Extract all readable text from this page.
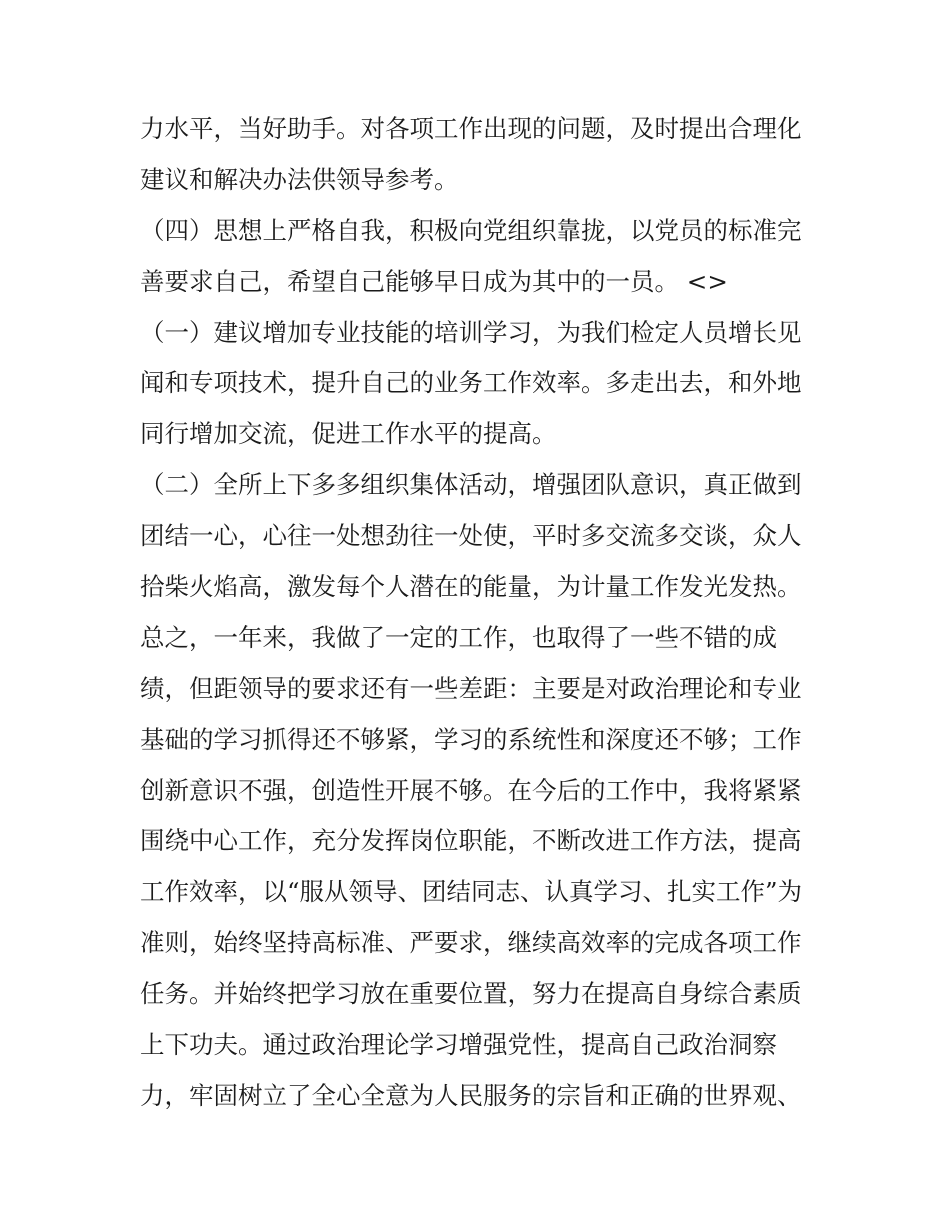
力水平，当好助手。对各项工作出现的问题，及时提出合理化
建议和解决办法供领导参考。
（四）思想上严格自我，积极向党组织靠拢，以党员的标准完
善要求自己，希望自己能够早日成为其中的一员。 <>
（一）建议增加专业技能的培训学习，为我们检定人员增长见
闻和专项技术，提升自己的业务工作效率。多走出去，和外地
同行增加交流，促进工作水平的提高。
（二）全所上下多多组织集体活动，增强团队意识，真正做到
团结一心，心往一处想劲往一处使，平时多交流多交谈，众人
拾柴火焰高，激发每个人潜在的能量，为计量工作发光发热。
总之，一年来，我做了一定的工作，也取得了一些不错的成
绩，但距领导的要求还有一些差距：主要是对政治理论和专业
基础的学习抓得还不够紧，学习的系统性和深度还不够；工作
创新意识不强，创造性开展不够。在今后的工作中，我将紧紧
围绕中心工作，充分发挥岗位职能，不断改进工作方法，提高
工作效率，以“服从领导、团结同志、认真学习、扎实工作”为
准则，始终坚持高标准、严要求，继续高效率的完成各项工作
任务。并始终把学习放在重要位置，努力在提高自身综合素质
上下功夫。通过政治理论学习增强党性，提高自己政治洞察
力，牢固树立了全心全意为人民服务的宗旨和正确的世界观、
